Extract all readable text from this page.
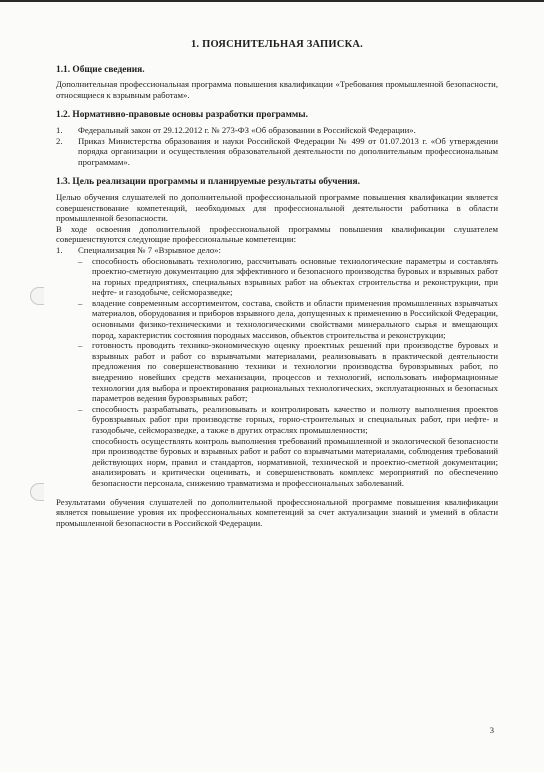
1. ПОЯСНИТЕЛЬНАЯ ЗАПИСКА.
1.1. Общие сведения.

Дополнительная профессиональная программа повышения квалификации «Требования промышленной безопасности, относящиеся к взрывным работам».

1.2. Нормативно-правовые основы разработки программы.
1. Федеральный закон от 29.12.2012 г. № 273-ФЗ «Об образовании в Российской Федерации».
2. Приказ Министерства образования и науки Российской Федерации № 499 от 01.07.2013 г. «Об утверждении порядка организации и осуществления образовательной деятельности по дополнительным профессиональным программам».
1.3. Цель реализации программы и планируемые результаты обучения.

Целью обучения слушателей по дополнительной профессиональной программе повышения квалификации является совершенствование компетенций, необходимых для профессиональной деятельности работника в области промышленной безопасности.

В ходе освоения дополнительной профессиональной программы повышения квалификации слушателем совершенствуются следующие профессиональные компетенции:

1. Специализация № 7 «Взрывное дело»:
– способность обосновывать технологию, рассчитывать основные технологические параметры и составлять проектно-сметную документацию для эффективного и безопасного производства буровых и взрывных работ на горных предприятиях, специальных взрывных работ на объектах строительства и реконструкции, при нефте- и газодобыче, сейсморазведке;
– владение современным ассортиментом, состава, свойств и области применения промышленных взрывчатых материалов, оборудования и приборов взрывного дела, допущенных к применению в Российской Федерации, основными физико-техническими и технологическими свойствами минерального сырья и вмещающих пород, характеристик состояния породных массивов, объектов строительства и реконструкции;
– готовность проводить технико-экономическую оценку проектных решений при производстве буровых и взрывных работ и работ со взрывчатыми материалами, реализовывать в практической деятельности предложения по совершенствованию техники и технологии производства буровзрывных работ, по внедрению новейших средств механизации, процессов и технологий, использовать информационные технологии для выбора и проектирования рациональных технологических, эксплуатационных и безопасных параметров ведения буровзрывных работ;
– способность разрабатывать, реализовывать и контролировать качество и полноту выполнения проектов буровзрывных работ при производстве горных, горно-строительных и специальных работ, при нефте- и газодобыче, сейсморазведке, а также в других отраслях промышленности;
способность осуществлять контроль выполнения требований промышленной и экологической безопасности при производстве буровых и взрывных работ и работ со взрывчатыми материалами, соблюдения требований действующих норм, правил и стандартов, нормативной, технической и проектно-сметной документации; анализировать и критически оценивать, и совершенствовать комплекс мероприятий по обеспечению безопасности персонала, снижению травматизма и профессиональных заболеваний.

Результатами обучения слушателей по дополнительной профессиональной программе повышения квалификации является повышение уровня их профессиональных компетенций за счет актуализации знаний и умений в области промышленной безопасности в Российской Федерации.

3
